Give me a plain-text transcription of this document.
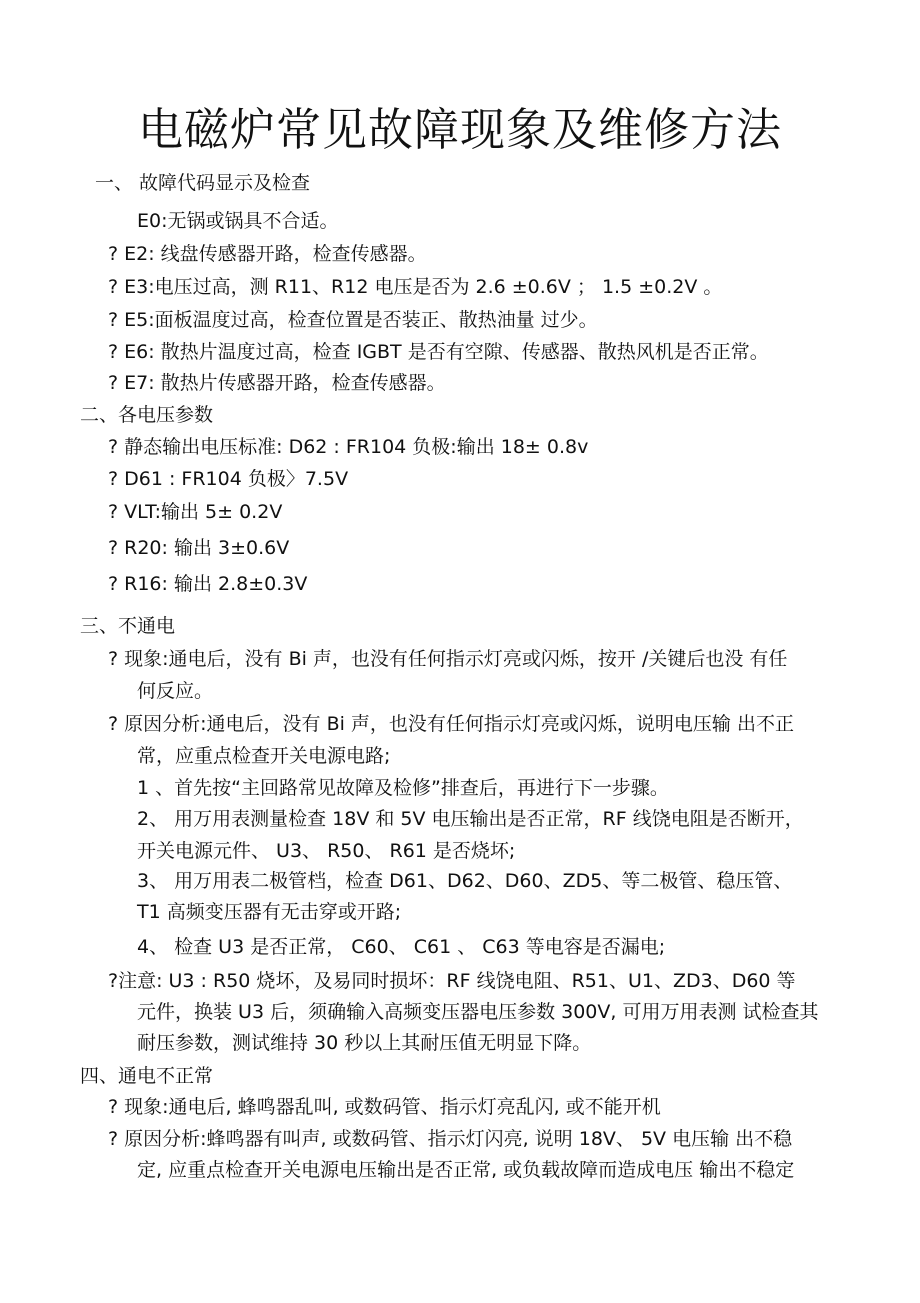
电磁炉常见故障现象及维修方法
一、 故障代码显示及检查
E0:无锅或锅具不合适。
? E2: 线盘传感器开路，检查传感器。
? E3:电压过高，测 R11、R12 电压是否为 2.6 ±0.6V ； 1.5 ±0.2V 。
? E5:面板温度过高，检查位置是否装正、散热油量 过少。
? E6: 散热片温度过高，检查 IGBT 是否有空隙、传感器、散热风机是否正常。
? E7: 散热片传感器开路，检查传感器。
二、各电压参数
? 静态输出电压标准: D62 : FR104 负极:输出 18± 0.8v
? D61 : FR104 负极〉7.5V
? VLT:输出 5± 0.2V
? R20: 输出 3±0.6V
? R16: 输出 2.8±0.3V
三、不通电
? 现象:通电后，没有 Bi 声，也没有任何指示灯亮或闪烁，按开 /关键后也没 有任
何反应。
? 原因分析:通电后，没有 Bi 声，也没有任何指示灯亮或闪烁，说明电压输 出不正
常，应重点检查开关电源电路;
1 、首先按“主回路常见故障及检修”排查后，再进行下一步骤。
2、 用万用表测量检查 18V 和 5V 电压输出是否正常，RF 线饶电阻是否断开，
开关电源元件、 U3、 R50、 R61 是否烧坏;
3、 用万用表二极管档，检查 D61、D62、D60、ZD5、等二极管、稳压管、
T1 高频变压器有无击穿或开路;
4、 检查 U3 是否正常， C60、 C61 、 C63 等电容是否漏电;
?注意: U3 : R50 烧坏，及易同时损坏：RF 线饶电阻、R51、U1、ZD3、D60 等
元件，换装 U3 后，须确输入高频变压器电压参数 300V, 可用万用表测 试检查其
耐压参数，测试维持 30 秒以上其耐压值无明显下降。
四、通电不正常
? 现象:通电后, 蜂鸣器乱叫, 或数码管、指示灯亮乱闪, 或不能开机
? 原因分析:蜂鸣器有叫声, 或数码管、指示灯闪亮, 说明 18V、 5V 电压输 出不稳
定, 应重点检查开关电源电压输出是否正常, 或负载故障而造成电压 输出不稳定
